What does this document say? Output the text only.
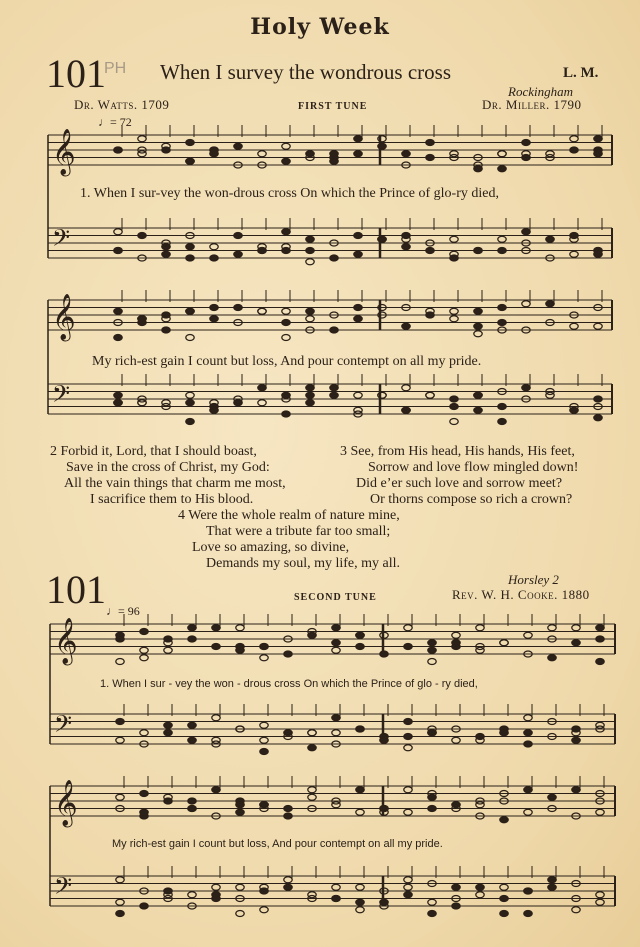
Holy Week
PH
101	When I survey the wondrous cross	L. M.
Rockingham
Dr. Watts. 1709	FIRST TUNE	Dr. Miller. 1790
♩= 72
1. When I sur-vey the won-drous cross On which the Prince of glo-ry died,
My rich-est gain I count but loss, And pour contempt on all my pride.
2 Forbid it, Lord, that I should boast,
Save in the cross of Christ, my God:
All the vain things that charm me most,
I sacrifice them to His blood.
3 See, from His head, His hands, His feet,
Sorrow and love flow mingled down!
Did e’er such love and sorrow meet?
Or thorns compose so rich a crown?
4 Were the whole realm of nature mine,
That were a tribute far too small;
Love so amazing, so divine,
Demands my soul, my life, my all.
101	Horsley 2
SECOND TUNE	Rev. W. H. Cooke. 1880
♩= 96
1. When I sur - vey the won - drous cross On which the Prince of glo - ry died,
My rich-est gain I count but loss, And pour contempt on all my pride.
𝄞
𝄢
𝄞
𝄢
𝄞
𝄢
𝄞
𝄢
